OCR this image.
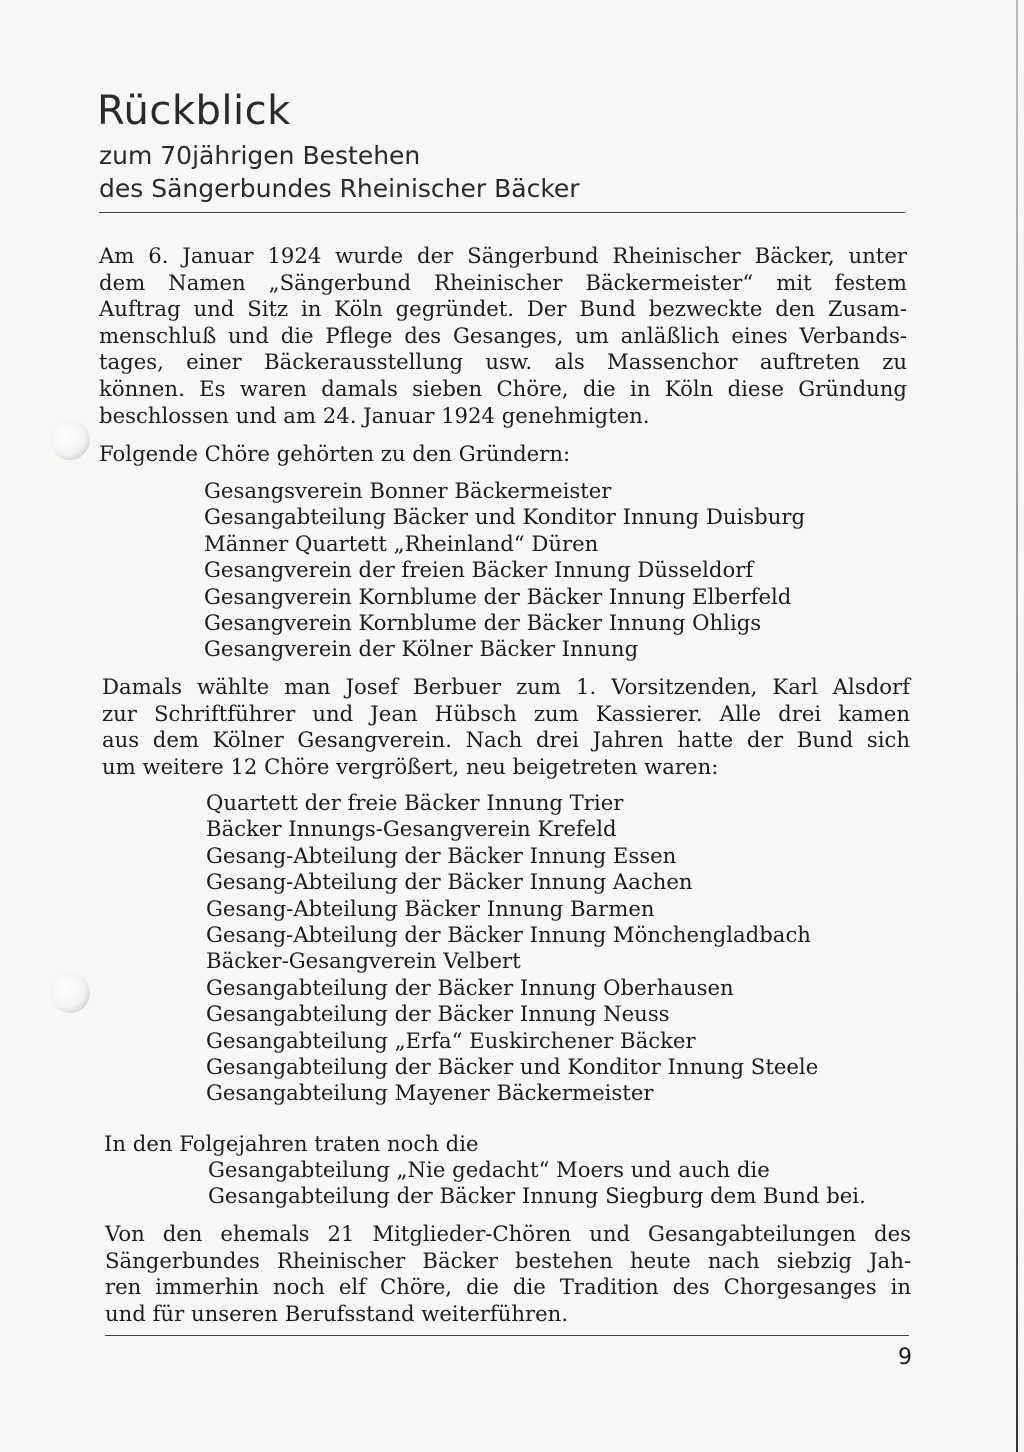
Rückblick
zum 70jährigen Bestehen
des Sängerbundes Rheinischer Bäcker
Am 6. Januar 1924 wurde der Sängerbund Rheinischer Bäcker, unter
dem Namen „Sängerbund Rheinischer Bäckermeister“ mit festem
Auftrag und Sitz in Köln gegründet. Der Bund bezweckte den Zusam-
menschluß und die Pflege des Gesanges, um anläßlich eines Verbands-
tages, einer Bäckerausstellung usw. als Massenchor auftreten zu
können. Es waren damals sieben Chöre, die in Köln diese Gründung
beschlossen und am 24. Januar 1924 genehmigten.
Folgende Chöre gehörten zu den Gründern:
Gesangsverein Bonner Bäckermeister
Gesangabteilung Bäcker und Konditor Innung Duisburg
Männer Quartett „Rheinland“ Düren
Gesangverein der freien Bäcker Innung Düsseldorf
Gesangverein Kornblume der Bäcker Innung Elberfeld
Gesangverein Kornblume der Bäcker Innung Ohligs
Gesangverein der Kölner Bäcker Innung
Damals wählte man Josef Berbuer zum 1. Vorsitzenden, Karl Alsdorf
zur Schriftführer und Jean Hübsch zum Kassierer. Alle drei kamen
aus dem Kölner Gesangverein. Nach drei Jahren hatte der Bund sich
um weitere 12 Chöre vergrößert, neu beigetreten waren:
Quartett der freie Bäcker Innung Trier
Bäcker Innungs-Gesangverein Krefeld
Gesang-Abteilung der Bäcker Innung Essen
Gesang-Abteilung der Bäcker Innung Aachen
Gesang-Abteilung Bäcker Innung Barmen
Gesang-Abteilung der Bäcker Innung Mönchengladbach
Bäcker-Gesangverein Velbert
Gesangabteilung der Bäcker Innung Oberhausen
Gesangabteilung der Bäcker Innung Neuss
Gesangabteilung „Erfa“ Euskirchener Bäcker
Gesangabteilung der Bäcker und Konditor Innung Steele
Gesangabteilung Mayener Bäckermeister
In den Folgejahren traten noch die
Gesangabteilung „Nie gedacht“ Moers und auch die
Gesangabteilung der Bäcker Innung Siegburg dem Bund bei.
Von den ehemals 21 Mitglieder-Chören und Gesangabteilungen des
Sängerbundes Rheinischer Bäcker bestehen heute nach siebzig Jah-
ren immerhin noch elf Chöre, die die Tradition des Chorgesanges in
und für unseren Berufsstand weiterführen.
9
